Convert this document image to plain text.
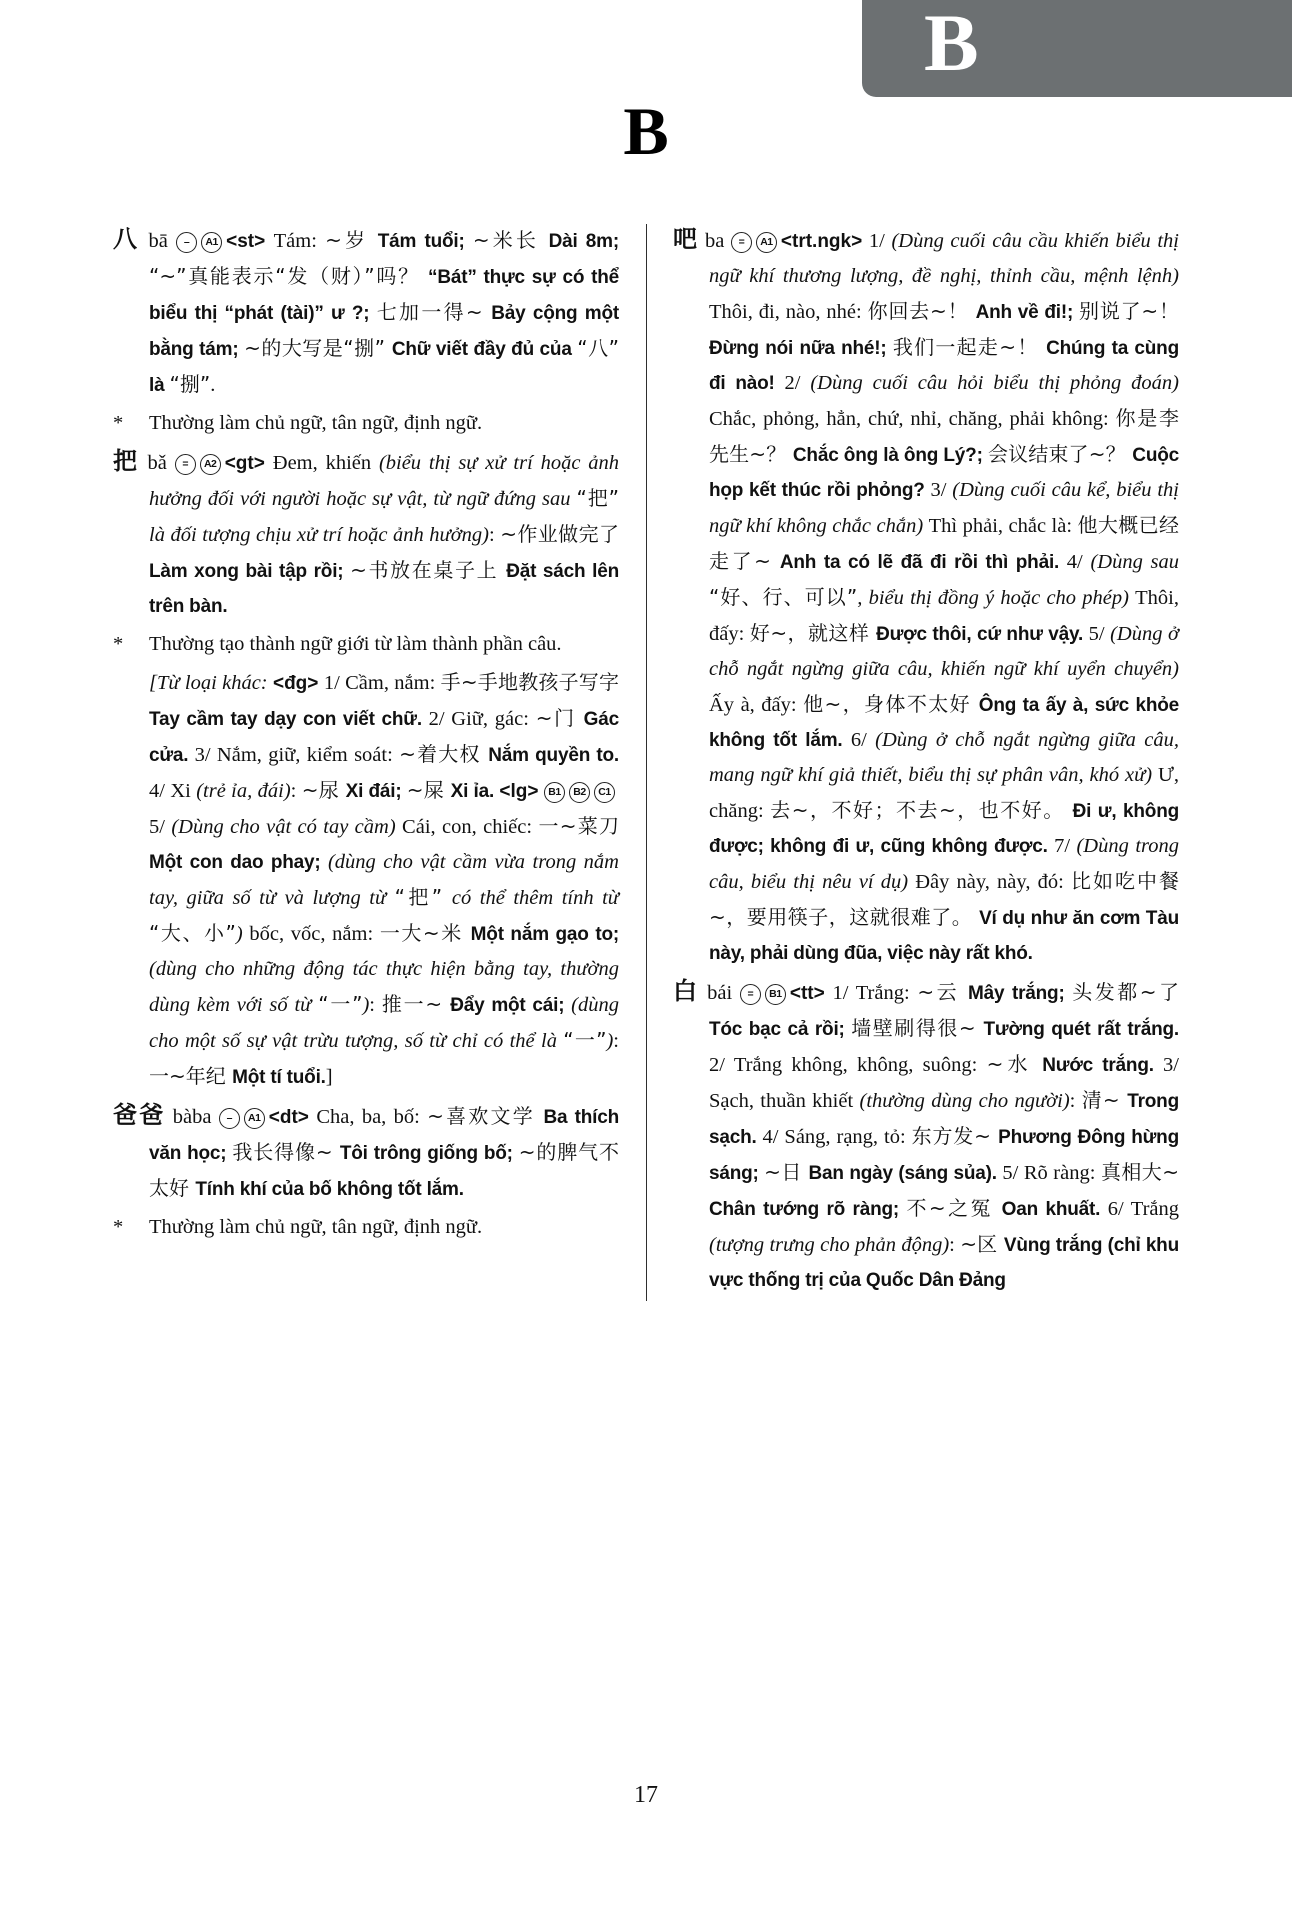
B
B
八 bā – A1 <st> Tám: ~岁 Tám tuổi; ~米长 Dài 8m; “~”真能表示“发（财）”吗？ “Bát” thực sự có thể biểu thị “phát (tài)” ư ?; 七加一得~ Bảy cộng một bằng tám; ~的大写是“捌” Chữ viết đầy đủ của “八” là “捌”.
* Thường làm chủ ngữ, tân ngữ, định ngữ.
把 bǎ = A2 <gt> Đem, khiến (biểu thị sự xử trí hoặc ảnh hưởng đối với người hoặc sự vật, từ ngữ đứng sau “把” là đối tượng chịu xử trí hoặc ảnh hưởng): ~作业做完了 Làm xong bài tập rồi; ~书放在桌子上 Đặt sách lên trên bàn.
* Thường tạo thành ngữ giới từ làm thành phần câu.
[Từ loại khác: <đg> 1/ Cầm, nắm: 手~手地教孩子写字 Tay cầm tay dạy con viết chữ. 2/ Giữ, gác: ~门 Gác cửa. 3/ Nắm, giữ, kiểm soát: ~着大权 Nắm quyền to. 4/ Xi (trẻ ỉa, đái): ~尿 Xi đái; ~屎 Xi ỉa. <lg> B1 B2 C15/ (Dùng cho vật có tay cầm) Cái, con, chiếc: 一~菜刀 Một con dao phay; (dùng cho vật cầm vừa trong nắm tay, giữa số từ và lượng từ “把” có thể thêm tính từ “大、小”) bốc, vốc, nắm: 一大~米 Một nắm gạo to; (dùng cho những động tác thực hiện bằng tay, thường dùng kèm với số từ “一”): 推一~ Đẩy một cái; (dùng cho một số sự vật trừu tượng, số từ chỉ có thể là “一”): 一~年纪 Một tí tuổi.]
爸爸 bàba – A1 <dt> Cha, ba, bố: ~喜欢文学 Ba thích văn học; 我长得像~ Tôi trông giống bố; ~的脾气不太好 Tính khí của bố không tốt lắm.
* Thường làm chủ ngữ, tân ngữ, định ngữ.
吧 ba = A1 <trt.ngk> 1/ (Dùng cuối câu cầu khiến biểu thị ngữ khí thương lượng, đề nghị, thỉnh cầu, mệnh lệnh) Thôi, đi, nào, nhé: 你回去~！ Anh về đi!; 别说了~！ Đừng nói nữa nhé!; 我们一起走~！ Chúng ta cùng đi nào! 2/ (Dùng cuối câu hỏi biểu thị phỏng đoán) Chắc, phỏng, hẳn, chứ, nhỉ, chăng, phải không: 你是李先生~？ Chắc ông là ông Lý?; 会议结束了~？ Cuộc họp kết thúc rồi phỏng? 3/ (Dùng cuối câu kể, biểu thị ngữ khí không chắc chắn) Thì phải, chắc là: 他大概已经走了~ Anh ta có lẽ đã đi rồi thì phải. 4/ (Dùng sau “好、行、可以”, biểu thị đồng ý hoặc cho phép) Thôi, đấy: 好~，就这样 Được thôi, cứ như vậy. 5/ (Dùng ở chỗ ngắt ngừng giữa câu, khiến ngữ khí uyển chuyển) Ấy à, đấy: 他~，身体不太好 Ông ta ấy à, sức khỏe không tốt lắm. 6/ (Dùng ở chỗ ngắt ngừng giữa câu, mang ngữ khí giả thiết, biểu thị sự phân vân, khó xử) Ư, chăng: 去~，不好；不去~，也不好。 Đi ư, không được; không đi ư, cũng không được. 7/ (Dùng trong câu, biểu thị nêu ví dụ) Đây này, này, đó: 比如吃中餐~，要用筷子，这就很难了。 Ví dụ như ăn cơm Tàu này, phải dùng đũa, việc này rất khó.
白 bái = B1 <tt> 1/ Trắng: ~云 Mây trắng; 头发都~了 Tóc bạc cả rồi; 墙壁刷得很~ Tường quét rất trắng. 2/ Trắng không, không, suông: ~水 Nước trắng. 3/ Sạch, thuần khiết (thường dùng cho người): 清~ Trong sạch. 4/ Sáng, rạng, tỏ: 东方发~ Phương Đông hừng sáng; ~日 Ban ngày (sáng sủa). 5/ Rõ ràng: 真相大~ Chân tướng rõ ràng; 不~之冤 Oan khuất. 6/ Trắng (tượng trưng cho phản động): ~区 Vùng trắng (chỉ khu vực thống trị của Quốc Dân Đảng
17
